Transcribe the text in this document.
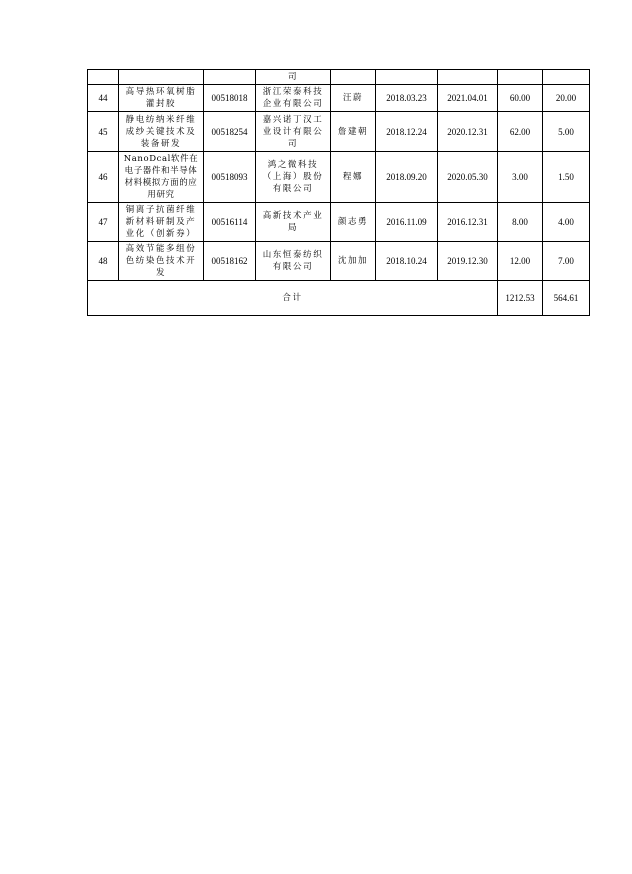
			司					
44	高导热环氧树脂灌封胶	00518018	浙江荣泰科技企业有限公司	汪蔚	2018.03.23	2021.04.01	60.00	20.00
45	静电纺纳米纤维成纱关键技术及装备研发	00518254	嘉兴诺丁汉工业设计有限公司	詹建朝	2018.12.24	2020.12.31	62.00	5.00
46	NanoDcal软件在电子器件和半导体材料模拟方面的应用研究	00518093	鸿之微科技（上海）股份有限公司	程娜	2018.09.20	2020.05.30	3.00	1.50
47	铜离子抗菌纤维新材料研制及产业化（创新券）	00516114	高新技术产业局	颜志勇	2016.11.09	2016.12.31	8.00	4.00
48	高效节能多组份色纺染色技术开发	00518162	山东恒泰纺织有限公司	沈加加	2018.10.24	2019.12.30	12.00	7.00
合计							1212.53	564.61
